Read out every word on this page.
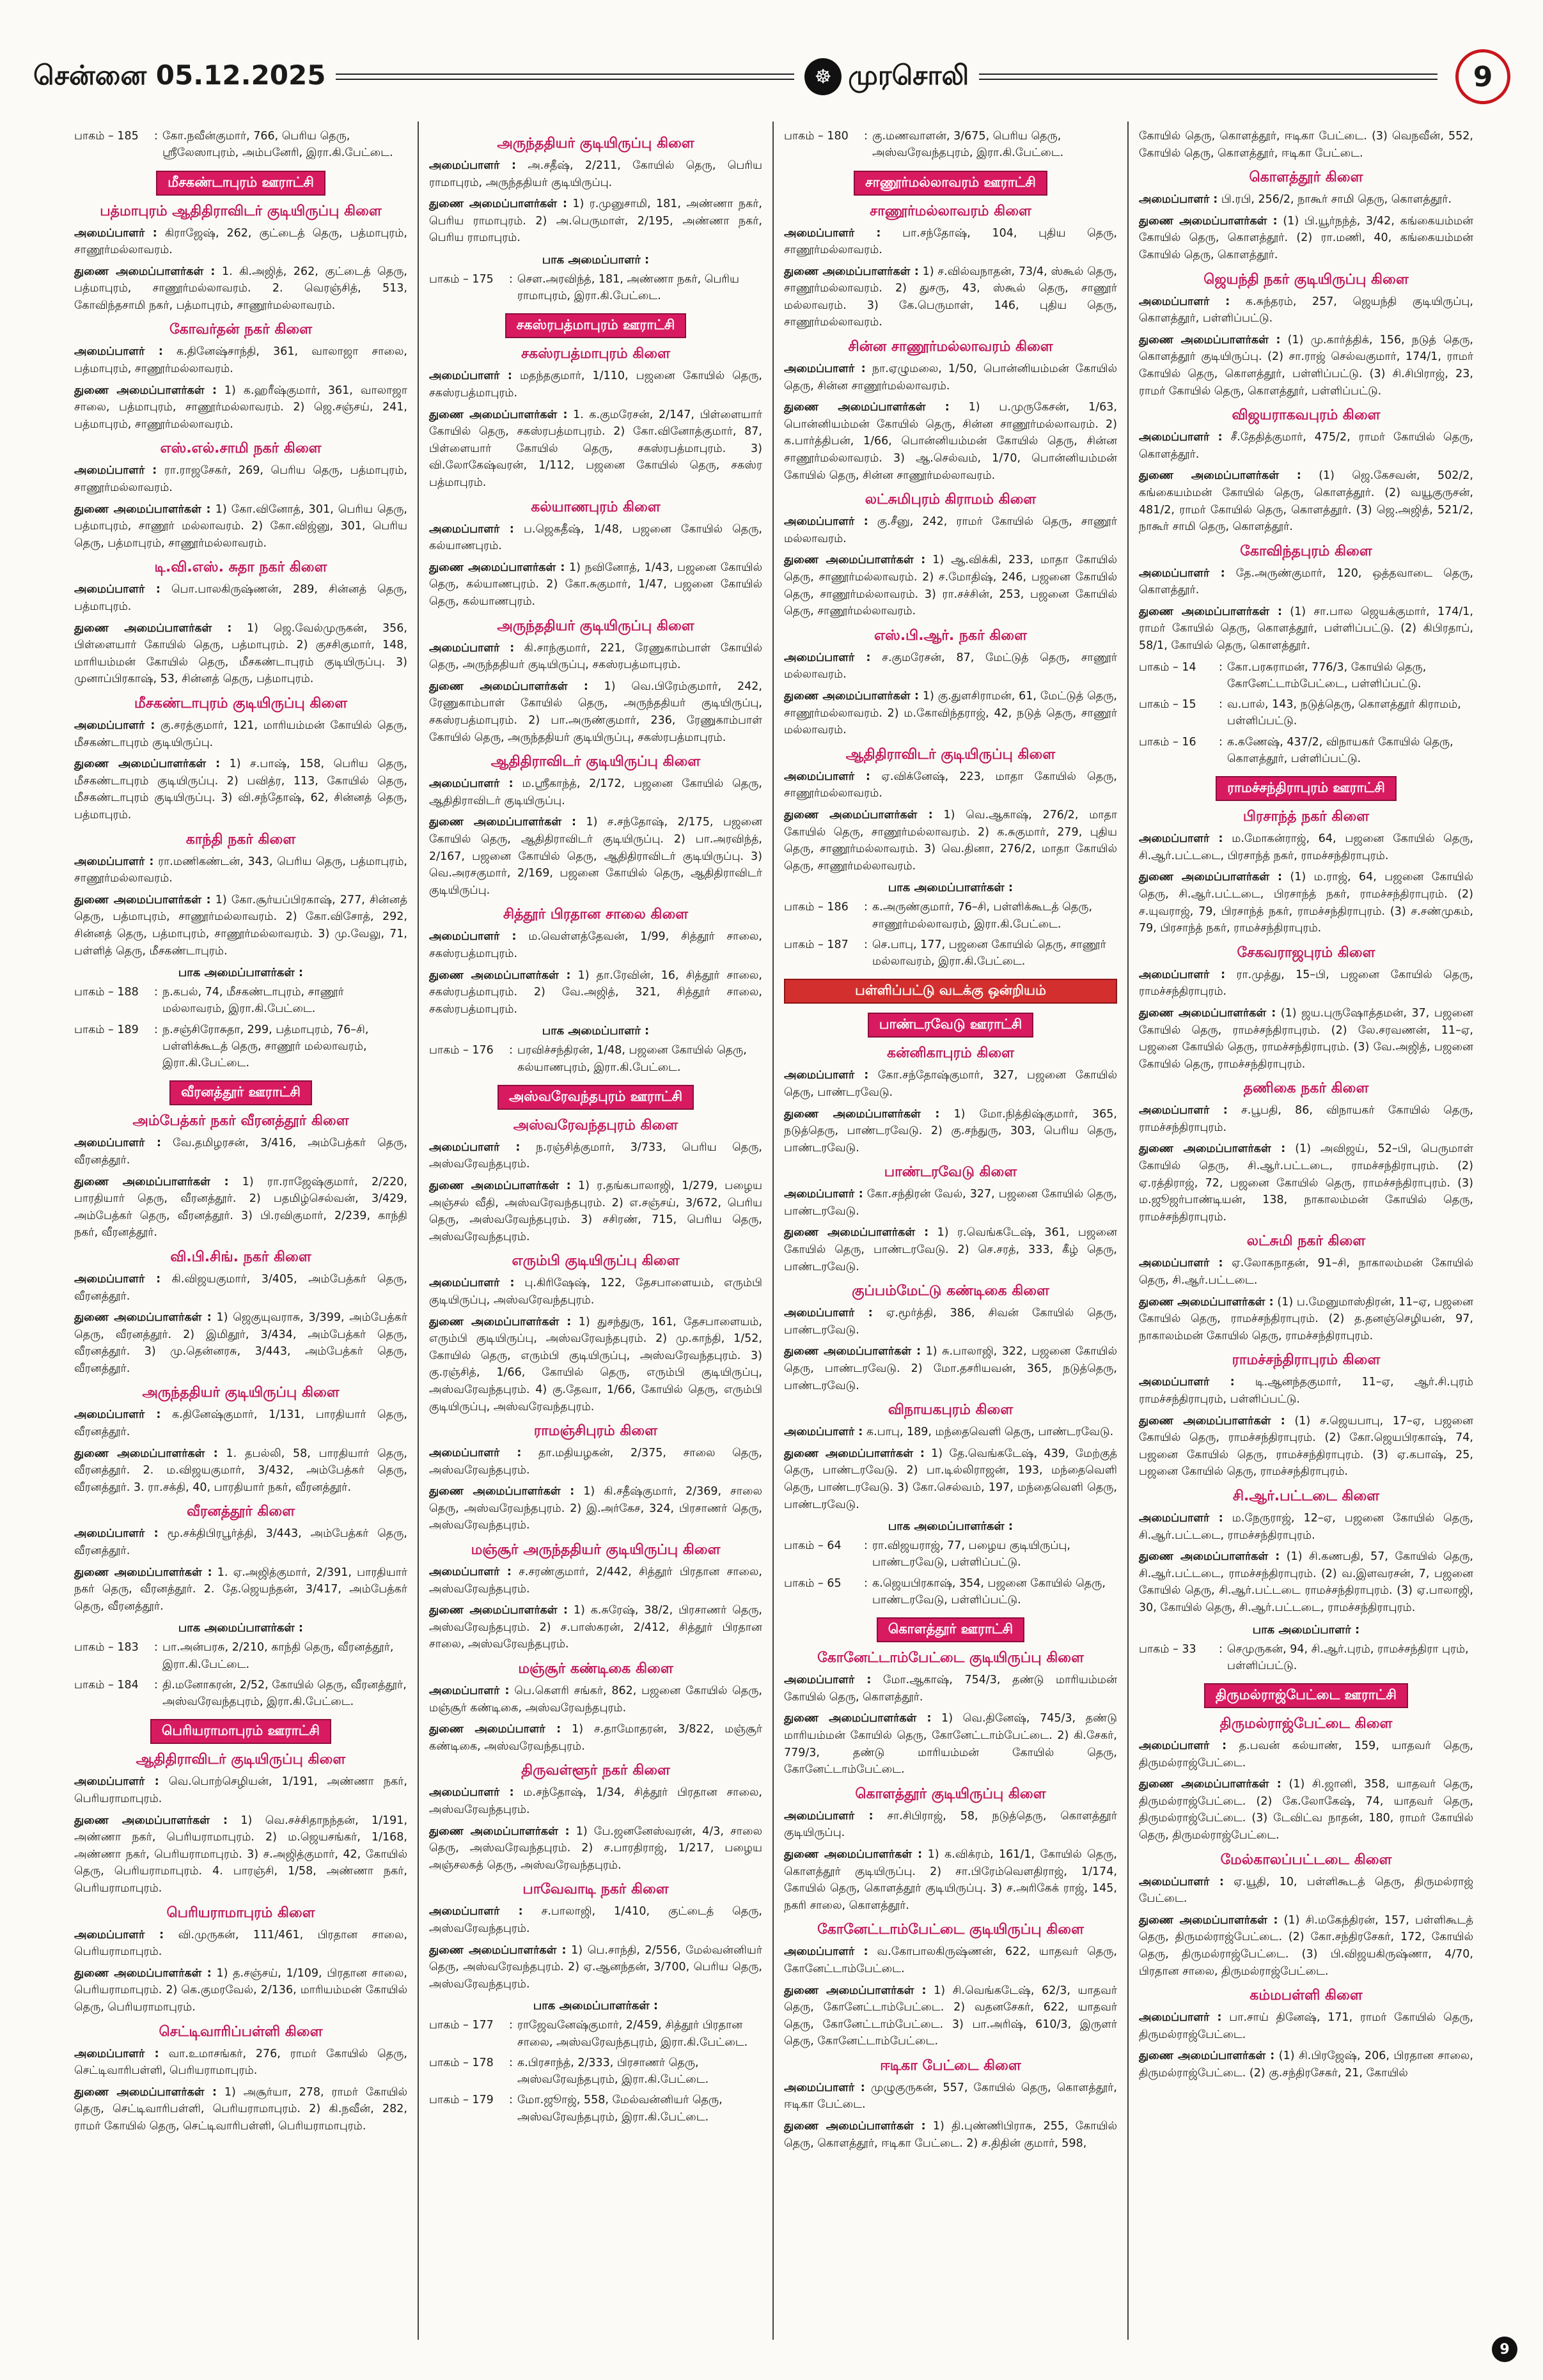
சென்னை 05.12.2025	☸ முரசொலி	9
பாகம் – 185	: கோ.நவீன்குமார், 766, பெரிய தெரு, ஸ்ரீலேஸாபுரம், அம்பனேரி, இரா.கி.பேட்டை.
மீசகண்டாபுரம் ஊராட்சி
பத்மாபுரம் ஆதிதிராவிடர் குடியிருப்பு கிளை

அமைப்பாளர் : கிராஜேஷ், 262, குட்டைத் தெரு, பத்மாபுரம், சாணூர்மல்லாவரம்.

துணை அமைப்பாளர்கள் : 1. கி.அஜித், 262, குட்டைத் தெரு, பத்மாபுரம், சாணூர்மல்லாவரம். 2. வெரஞ்சித், 513, கோவிந்தசாமி நகர், பத்மாபுரம், சாணூர்மல்லாவரம்.

கோவர்தன் நகர் கிளை

அமைப்பாளர் : க.தினேஷ்சாந்தி, 361, வாலாஜா சாலை, பத்மாபுரம், சாணூர்மல்லாவரம்.

துணை அமைப்பாளர்கள் : 1) க.ஹரீஷ்குமார், 361, வாலாஜா சாலை, பத்மாபுரம், சாணூர்மல்லாவரம். 2) ஜெ.சஞ்சய், 241, பத்மாபுரம், சாணூர்மல்லாவரம்.

எஸ்.எல்.சாமி நகர் கிளை

அமைப்பாளர் : ரா.ராஜசேகர், 269, பெரிய தெரு, பத்மாபுரம், சாணூர்மல்லாவரம்.

துணை அமைப்பாளர்கள் : 1) கோ.வினோத், 301, பெரிய தெரு, பத்மாபுரம், சாணூர் மல்லாவரம். 2) கோ.விஜ்னு, 301, பெரிய தெரு, பத்மாபுரம், சாணூர்மல்லாவரம்.

டி.வி.எஸ். சுதா நகர் கிளை

அமைப்பாளர் : பொ.பாலகிருஷ்ணன், 289, சின்னத் தெரு, பத்மாபுரம்.

துணை அமைப்பாளர்கள் : 1) ஜெ.வேல்முருகன், 356, பிள்ளையார் கோயில் தெரு, பத்மாபுரம். 2) குசசிகுமார், 148, மாரியம்மன் கோயில் தெரு, மீசகண்டாபுரம் குடியிருப்பு. 3) முனாப்பிரகாஷ், 53, சின்னத் தெரு, பத்மாபுரம்.

மீசகண்டாபுரம் குடியிருப்பு கிளை

அமைப்பாளர் : கு.சரத்குமார், 121, மாரியம்மன் கோயில் தெரு, மீசகண்டாபுரம் குடியிருப்பு.

துணை அமைப்பாளர்கள் : 1) ச.பாஷ், 158, பெரிய தெரு, மீசகண்டாபுரம் குடியிருப்பு. 2) பவித்ர, 113, கோயில் தெரு, மீசகண்டாபுரம் குடியிருப்பு. 3) வி.சந்தோஷ், 62, சின்னத் தெரு, பத்மாபுரம்.

காந்தி நகர் கிளை

அமைப்பாளர் : ரா.மணிகண்டன், 343, பெரிய தெரு, பத்மாபுரம், சாணூர்மல்லாவரம்.

துணை அமைப்பாளர்கள் : 1) கோ.சூர்யப்பிரகாஷ், 277, சின்னத் தெரு, பத்மாபுரம், சாணூர்மல்லாவரம். 2) கோ.விசோத், 292, சின்னத் தெரு, பத்மாபுரம், சாணூர்மல்லாவரம். 3) மு.வேலு, 71, பள்ளித் தெரு, மீசகண்டாபுரம்.

பாக அமைப்பாளர்கள் :
பாகம் – 188	: ந.கபல், 74, மீசகண்டாபுரம், சாணூர் மல்லாவரம், இரா.கி.பேட்டை.
பாகம் – 189	: ந.சஞ்சிரோசுதா, 299, பத்மாபுரம், 76–சி, பள்ளிக்கூடத் தெரு, சாணூர் மல்லாவரம், இரா.கி.பேட்டை.
வீரனத்தூர் ஊராட்சி
அம்பேத்கர் நகர் வீரனத்தூர் கிளை

அமைப்பாளர் : வே.தமிழரசன், 3/416, அம்பேத்கர் தெரு, வீரனத்தூர்.

துணை அமைப்பாளர்கள் : 1) ரா.ராஜேஷ்குமார், 2/220, பாரதியார் தெரு, வீரனத்தூர். 2) பதமிழ்செல்வன், 3/429, அம்பேத்கர் தெரு, வீரனத்தூர். 3) பி.ரவிகுமார், 2/239, காந்தி நகர், வீரனத்தூர்.

வி.பி.சிங். நகர் கிளை

அமைப்பாளர் : கி.விஜயகுமார், 3/405, அம்பேத்கர் தெரு, வீரனத்தூர்.

துணை அமைப்பாளர்கள் : 1) ஜெகுயுவராசு, 3/399, அம்பேத்கர் தெரு, வீரனத்தூர். 2) இமிதூர், 3/434, அம்பேத்கர் தெரு, வீரனத்தூர். 3) மு.தென்னரசு, 3/443, அம்பேத்கர் தெரு, வீரனத்தூர்.

அருந்ததியர் குடியிருப்பு கிளை

அமைப்பாளர் : க.தினேஷ்குமார், 1/131, பாரதியார் தெரு, வீரனத்தூர்.

துணை அமைப்பாளர்கள் : 1. தபல்லி, 58, பாரதியார் தெரு, வீரனத்தூர். 2. ம.விஜயகுமார், 3/432, அம்பேத்கர் தெரு, வீரனத்தூர். 3. ரா.சக்தி, 40, பாரதியார் நகர், வீரனத்தூர்.

வீரனத்தூர் கிளை

அமைப்பாளர் : மூ.சக்திபிரபூர்த்தி, 3/443, அம்பேத்கர் தெரு, வீரனத்தூர்.

துணை அமைப்பாளர்கள் : 1. ஏ.அஜித்குமார், 2/391, பாரதியார் நகர் தெரு, வீரனத்தூர். 2. தே.ஜெயந்தன், 3/417, அம்பேத்கர் தெரு, வீரனத்தூர்.

பாக அமைப்பாளர்கள் :
பாகம் – 183	: பா.அன்பரசு, 2/210, காந்தி தெரு, வீரனத்தூர், இரா.கி.பேட்டை.
பாகம் – 184	: தி.மனோகரன், 2/52, கோயில் தெரு, வீரனத்தூர், அஸ்வரேவந்தபுரம், இரா.கி.பேட்டை.
பெரியராமாபுரம் ஊராட்சி
ஆதிதிராவிடர் குடியிருப்பு கிளை

அமைப்பாளர் : வெ.பொற்செழியன், 1/191, அண்ணா நகர், பெரியராமாபுரம்.

துணை அமைப்பாளர்கள் : 1) வெ.சச்சிதாநந்தன், 1/191, அண்ணா நகர், பெரியராமாபுரம். 2) ம.ஜெயசங்கர், 1/168, அண்ணா நகர், பெரியராமாபுரம். 3) ச.அஜித்குமார், 42, கோயில் தெரு, பெரியராமாபுரம். 4. பாரஞ்சி, 1/58, அண்ணா நகர், பெரியராமாபுரம்.

பெரியராமாபுரம் கிளை

அமைப்பாளர் : வி.முருகன், 111/461, பிரதான சாலை, பெரியராமாபுரம்.

துணை அமைப்பாளர்கள் : 1) த.சஞ்சய், 1/109, பிரதான சாலை, பெரியராமாபுரம். 2) கெ.குமரவேல், 2/136, மாரியம்மன் கோயில் தெரு, பெரியராமாபுரம்.

செட்டிவாரிப்பள்ளி கிளை

அமைப்பாளர் : வா.உமாசங்கர், 276, ராமர் கோயில் தெரு, செட்டிவாரிபள்ளி, பெரியராமாபுரம்.

துணை அமைப்பாளர்கள் : 1) அசூர்யா, 278, ராமர் கோயில் தெரு, செட்டிவாரிபள்ளி, பெரியராமாபுரம். 2) கி.நவீன், 282, ராமர் கோயில் தெரு, செட்டிவாரிபள்ளி, பெரியராமாபுரம்.

அருந்ததியர் குடியிருப்பு கிளை

அமைப்பாளர் : அ.சதீஷ், 2/211, கோயில் தெரு, பெரிய ராமாபுரம், அருந்ததியர் குடியிருப்பு.

துணை அமைப்பாளர்கள் : 1) ர.முனுசாமி, 181, அண்ணா நகர், பெரிய ராமாபுரம். 2) அ.பெருமாள், 2/195, அண்ணா நகர், பெரிய ராமாபுரம்.

பாக அமைப்பாளர் :
பாகம் – 175	: செள.அரவிந்த், 181, அண்ணா நகர், பெரிய ராமாபுரம், இரா.கி.பேட்டை.
சகஸ்ரபத்மாபுரம் ஊராட்சி
சகஸ்ரபத்மாபுரம் கிளை

அமைப்பாளர் : மதந்தகுமார், 1/110, பஜனை கோயில் தெரு, சகஸ்ரபத்மாபுரம்.

துணை அமைப்பாளர்கள் : 1. க.குமரேசன், 2/147, பிள்ளையார் கோயில் தெரு, சகஸ்ரபத்மாபுரம். 2) கோ.வினோத்குமார், 87, பிள்ளையார் கோயில் தெரு, சகஸ்ரபத்மாபுரம். 3) வி.லோகேஷ்வரன், 1/112, பஜனை கோயில் தெரு, சகஸ்ர பத்மாபுரம்.

கல்யாணபுரம் கிளை

அமைப்பாளர் : ப.ஜெகதீஷ், 1/48, பஜனை கோயில் தெரு, கல்யாணபுரம்.

துணை அமைப்பாளர்கள் : 1) நவினோத், 1/43, பஜனை கோயில் தெரு, கல்யாணபுரம். 2) கோ.சுகுமார், 1/47, பஜனை கோயில் தெரு, கல்யாணபுரம்.

அருந்ததியர் குடியிருப்பு கிளை

அமைப்பாளர் : கி.சாந்குமார், 221, ரேணுகாம்பாள் கோயில் தெரு, அருந்ததியர் குடியிருப்பு, சகஸ்ரபத்மாபுரம்.

துணை அமைப்பாளர்கள் : 1) வெ.பிரேம்குமார், 242, ரேணுகாம்பாள் கோயில் தெரு, அருந்ததியர் குடியிருப்பு, சகஸ்ரபத்மாபுரம். 2) பா.அருண்குமார், 236, ரேணுகாம்பாள் கோயில் தெரு, அருந்ததியர் குடியிருப்பு, சகஸ்ரபத்மாபுரம்.

ஆதிதிராவிடர் குடியிருப்பு கிளை

அமைப்பாளர் : ம.ஸ்ரீகாந்த், 2/172, பஜனை கோயில் தெரு, ஆதிதிராவிடர் குடியிருப்பு.

துணை அமைப்பாளர்கள் : 1) ச.சந்தோஷ், 2/175, பஜனை கோயில் தெரு, ஆதிதிராவிடர் குடியிருப்பு. 2) பா.அரவிந்த், 2/167, பஜனை கோயில் தெரு, ஆதிதிராவிடர் குடியிருப்பு. 3) வெ.அரசகுமார், 2/169, பஜனை கோயில் தெரு, ஆதிதிராவிடர் குடியிருப்பு.

சித்தூர் பிரதான சாலை கிளை

அமைப்பாளர் : ம.வெள்ளத்தேவன், 1/99, சித்தூர் சாலை, சகஸ்ரபத்மாபுரம்.

துணை அமைப்பாளர்கள் : 1) தா.ரேவின், 16, சித்தூர் சாலை, சகஸ்ரபத்மாபுரம். 2) வே.அஜித், 321, சித்தூர் சாலை, சகஸ்ரபத்மாபுரம்.

பாக அமைப்பாளர் :
பாகம் – 176	: பரவிச்சந்திரன், 1/48, பஜனை கோயில் தெரு, கல்யாணபுரம், இரா.கி.பேட்டை.
அஸ்வரேவந்தபுரம் ஊராட்சி
அஸ்வரேவந்தபுரம் கிளை

அமைப்பாளர் : ந.ரஞ்சித்குமார், 3/733, பெரிய தெரு, அஸ்வரேவந்தபுரம்.

துணை அமைப்பாளர்கள் : 1) ர.தங்கபாலாஜி, 1/279, பழைய அஞ்சல் வீதி, அஸ்வரேவந்தபுரம். 2) எ.சஞ்சய், 3/672, பெரிய தெரு, அஸ்வரேவந்தபுரம். 3) சசிரண், 715, பெரிய தெரு, அஸ்வரேவந்தபுரம்.

எரும்பி குடியிருப்பு கிளை

அமைப்பாளர் : பு.கிரிஷேஷ், 122, தேசபாளையம், எரும்பி குடியிருப்பு, அஸ்வரேவந்தபுரம்.

துணை அமைப்பாளர்கள் : 1) துசந்துரு, 161, தேசபாளையம், எரும்பி குடியிருப்பு, அஸ்வரேவந்தபுரம். 2) மு.காந்தி, 1/52, கோயில் தெரு, எரும்பி குடியிருப்பு, அஸ்வரேவந்தபுரம். 3) கு.ரஞ்சித், 1/66, கோயில் தெரு, எரும்பி குடியிருப்பு, அஸ்வரேவந்தபுரம். 4) கு.தேவா, 1/66, கோயில் தெரு, எரும்பி குடியிருப்பு, அஸ்வரேவந்தபுரம்.

ராமஞ்சிபுரம் கிளை

அமைப்பாளர் : தா.மதியழகன், 2/375, சாலை தெரு, அஸ்வரேவந்தபுரம்.

துணை அமைப்பாளர்கள் : 1) கி.சதீஷ்குமார், 2/369, சாலை தெரு, அஸ்வரேவந்தபுரம். 2) இ.அர்கேச, 324, பிரசாணர் தெரு, அஸ்வரேவந்தபுரம்.

மஞ்சூர் அருந்ததியர் குடியிருப்பு கிளை

அமைப்பாளர் : ச.சரண்குமார், 2/442, சித்தூர் பிரதான சாலை, அஸ்வரேவந்தபுரம்.

துணை அமைப்பாளர்கள் : 1) க.சுரேஷ், 38/2, பிரசாணர் தெரு, அஸ்வரேவந்தபுரம். 2) ச.பாஸ்கரன், 2/412, சித்தூர் பிரதான சாலை, அஸ்வரேவந்தபுரம்.

மஞ்சூர் கண்டிகை கிளை

அமைப்பாளர் : பெ.கௌரி சங்கர், 862, பஜனை கோயில் தெரு, மஞ்சூர் கண்டிகை, அஸ்வரேவந்தபுரம்.

துணை அமைப்பாளர் : 1) ச.தாமோதரன், 3/822, மஞ்சூர் கண்டிகை, அஸ்வரேவந்தபுரம்.

திருவள்ளூர் நகர் கிளை

அமைப்பாளர் : ம.சந்தோஷ், 1/34, சித்தூர் பிரதான சாலை, அஸ்வரேவந்தபுரம்.

துணை அமைப்பாளர்கள் : 1) பே.ஜனனேஸ்வரன், 4/3, சாலை தெரு, அஸ்வரேவந்தபுரம். 2) ச.பாரதிராஜ், 1/217, பழைய அஞ்சலகத் தெரு, அஸ்வரேவந்தபுரம்.

பாவேவாடி நகர் கிளை

அமைப்பாளர் : ச.பாலாஜி, 1/410, குட்டைத் தெரு, அஸ்வரேவந்தபுரம்.

துணை அமைப்பாளர்கள் : 1) பெ.சாந்தி, 2/556, மேல்வன்னியர் தெரு, அஸ்வரேவந்தபுரம். 2) ஏ.ஆனந்தன், 3/700, பெரிய தெரு, அஸ்வரேவந்தபுரம்.

பாக அமைப்பாளர்கள் :
பாகம் – 177	: ராஜேவனேஷ்குமார், 2/459, சித்தூர் பிரதான சாலை, அஸ்வரேவந்தபுரம், இரா.கி.பேட்டை.
பாகம் – 178	: க.பிரசாந்த், 2/333, பிரசாணர் தெரு, அஸ்வரேவந்தபுரம், இரா.கி.பேட்டை.
பாகம் – 179	: மோ.ஜூாஜ், 558, மேல்வன்னியர் தெரு, அஸ்வரேவந்தபுரம், இரா.கி.பேட்டை.
பாகம் – 180	: கு.மணவாளன், 3/675, பெரிய தெரு, அஸ்வரேவந்தபுரம், இரா.கி.பேட்டை.
சாணூர்மல்லாவரம் ஊராட்சி
சாணூர்மல்லாவரம் கிளை

அமைப்பாளர் : பா.சந்தோஷ், 104, புதிய தெரு, சாணூர்மல்லாவரம்.

துணை அமைப்பாளர்கள் : 1) ச.வில்வநாதன், 73/4, ஸ்கூல் தெரு, சாணூர்மல்லாவரம். 2) துசரு, 43, ஸ்கூல் தெரு, சாணூர் மல்லாவரம். 3) கே.பெருமாள், 146, புதிய தெரு, சாணூர்மல்லாவரம்.

சின்ன சாணூர்மல்லாவரம் கிளை

அமைப்பாளர் : நா.ஏழுமலை, 1/50, பொன்னியம்மன் கோயில் தெரு, சின்ன சாணூர்மல்லாவரம்.

துணை அமைப்பாளர்கள் : 1) ப.முருகேசன், 1/63, பொன்னியம்மன் கோயில் தெரு, சின்ன சாணூர்மல்லாவரம். 2) க.பார்த்திபன், 1/66, பொன்னியம்மன் கோயில் தெரு, சின்ன சாணூர்மல்லாவரம். 3) ஆ.செல்வம், 1/70, பொன்னியம்மன் கோயில் தெரு, சின்ன சாணூர்மல்லாவரம்.

லட்சுமிபுரம் கிராமம் கிளை

அமைப்பாளர் : கு.சீனு, 242, ராமர் கோயில் தெரு, சாணூர் மல்லாவரம்.

துணை அமைப்பாளர்கள் : 1) ஆ.விக்கி, 233, மாதா கோயில் தெரு, சாணூர்மல்லாவரம். 2) ச.மோதிஷ், 246, பஜனை கோயில் தெரு, சாணூர்மல்லாவரம். 3) ரா.சச்சின், 253, பஜனை கோயில் தெரு, சாணூர்மல்லாவரம்.

எஸ்.பி.ஆர். நகர் கிளை

அமைப்பாளர் : ச.குமரேசன், 87, மேட்டுத் தெரு, சாணூர் மல்லாவரம்.

துணை அமைப்பாளர்கள் : 1) கு.துளசிராமன், 61, மேட்டுத் தெரு, சாணூர்மல்லாவரம். 2) ம.கோவிந்தராஜ், 42, நடுத் தெரு, சாணூர் மல்லாவரம்.

ஆதிதிராவிடர் குடியிருப்பு கிளை

அமைப்பாளர் : ஏ.விக்னேஷ், 223, மாதா கோயில் தெரு, சாணூர்மல்லாவரம்.

துணை அமைப்பாளர்கள் : 1) வெ.ஆகாஷ், 276/2, மாதா கோயில் தெரு, சாணூர்மல்லாவரம். 2) க.சுகுமார், 279, புதிய தெரு, சாணூர்மல்லாவரம். 3) வெ.தினா, 276/2, மாதா கோயில் தெரு, சாணூர்மல்லாவரம்.

பாக அமைப்பாளர்கள் :
பாகம் – 186	: க.அருண்குமார், 76–சி, பள்ளிக்கூடத் தெரு, சாணூர்மல்லாவரம், இரா.கி.பேட்டை.
பாகம் – 187	: செ.பாபு, 177, பஜனை கோயில் தெரு, சாணூர் மல்லாவரம், இரா.கி.பேட்டை.
பள்ளிப்பட்டு வடக்கு ஒன்றியம்
பாண்டரவேடு ஊராட்சி
கன்னிகாபுரம் கிளை

அமைப்பாளர் : கோ.சந்தோஷ்குமார், 327, பஜனை கோயில் தெரு, பாண்டரவேடு.

துணை அமைப்பாளர்கள் : 1) மோ.நித்திஷ்குமார், 365, நடுத்தெரு, பாண்டரவேடு. 2) கு.சந்துரு, 303, பெரிய தெரு, பாண்டரவேடு.

பாண்டரவேடு கிளை

அமைப்பாளர் : கோ.சந்திரன் வேல், 327, பஜனை கோயில் தெரு, பாண்டரவேடு.

துணை அமைப்பாளர்கள் : 1) ர.வெங்கடேஷ், 361, பஜனை கோயில் தெரு, பாண்டரவேடு. 2) செ.சரத், 333, கீழ் தெரு, பாண்டரவேடு.

குப்பம்மேட்டு கண்டிகை கிளை

அமைப்பாளர் : ஏ.மூர்த்தி, 386, சிவன் கோயில் தெரு, பாண்டரவேடு.

துணை அமைப்பாளர்கள் : 1) சு.பாலாஜி, 322, பஜனை கோயில் தெரு, பாண்டரவேடு. 2) மோ.தசரியவன், 365, நடுத்தெரு, பாண்டரவேடு.

விநாயகபுரம் கிளை

அமைப்பாளர் : க.பாபு, 189, மந்தைவெளி தெரு, பாண்டரவேடு.

துணை அமைப்பாளர்கள் : 1) தே.வெங்கடேஷ், 439, மேற்குத் தெரு, பாண்டரவேடு. 2) பா.டில்லிராஜன், 193, மந்தைவெளி தெரு, பாண்டரவேடு. 3) கோ.செல்வம், 197, மந்தைவெளி தெரு, பாண்டரவேடு.

பாக அமைப்பாளர்கள் :
பாகம் – 64	: ரா.விஜயராஜ், 77, பழைய குடியிருப்பு, பாண்டரவேடு, பள்ளிப்பட்டு.
பாகம் – 65	: க.ஜெயபிரகாஷ், 354, பஜனை கோயில் தெரு, பாண்டரவேடு, பள்ளிப்பட்டு.
கொளத்தூர் ஊராட்சி
கோனேட்டாம்பேட்டை குடியிருப்பு கிளை

அமைப்பாளர் : மோ.ஆகாஷ், 754/3, தண்டு மாரியம்மன் கோயில் தெரு, கொளத்தூர்.

துணை அமைப்பாளர்கள் : 1) வெ.தினேஷ், 745/3, தண்டு மாரியம்மன் கோயில் தெரு, கோனேட்டாம்பேட்டை. 2) கி.சேகர், 779/3, தண்டு மாரியம்மன் கோயில் தெரு, கோனேட்டாம்பேட்டை.

கொளத்தூர் குடியிருப்பு கிளை

அமைப்பாளர் : சா.சிபிராஜ், 58, நடுத்தெரு, கொளத்தூர் குடியிருப்பு.

துணை அமைப்பாளர்கள் : 1) க.விக்ரம், 161/1, கோயில் தெரு, கொளத்தூர் குடியிருப்பு. 2) சா.பிரேம்வெளதிராஜ், 1/174, கோயில் தெரு, கொளத்தூர் குடியிருப்பு. 3) ச.அரிகேக் ராஜ், 145, நகரி சாலை, கொளத்தூர்.

கோனேட்டாம்பேட்டை குடியிருப்பு கிளை

அமைப்பாளர் : வ.கோபாலகிருஷ்ணன், 622, யாதவர் தெரு, கோனேட்டாம்பேட்டை.

துணை அமைப்பாளர்கள் : 1) சி.வெங்கடேஷ், 62/3, யாதவர் தெரு, கோனேட்டாம்பேட்டை. 2) வதனசேகர், 622, யாதவர் தெரு, கோனேட்டாம்பேட்டை. 3) பா.அரிஷ், 610/3, இருளர் தெரு, கோனேட்டாம்பேட்டை.

ஈடிகா பேட்டை கிளை

அமைப்பாளர் : முழுகுருகன், 557, கோயில் தெரு, கொளத்தூர், ஈடிகா பேட்டை.

துணை அமைப்பாளர்கள் : 1) தி.புண்ணிபிராசு, 255, கோயில் தெரு, கொளத்தூர், ஈடிகா பேட்டை. 2) ச.திதின் குமார், 598,

கோயில் தெரு, கொளத்தூர், ஈடிகா பேட்டை. (3) வெநவீன், 552, கோயில் தெரு, கொளத்தூர், ஈடிகா பேட்டை.

கொளத்தூர் கிளை

அமைப்பாளர் : பி.ரபி, 256/2, நாகூர் சாமி தெரு, கொளத்தூர்.

துணை அமைப்பாளர்கள் : (1) பி.யூர்நந்த், 3/42, கங்கையம்மன் கோயில் தெரு, கொளத்தூர். (2) ரா.மணி, 40, கங்கையம்மன் கோயில் தெரு, கொளத்தூர்.

ஜெயந்தி நகர் குடியிருப்பு கிளை

அமைப்பாளர் : க.சுந்தரம், 257, ஜெயந்தி குடியிருப்பு, கொளத்தூர், பள்ளிப்பட்டு.

துணை அமைப்பாளர்கள் : (1) மு.கார்த்திக், 156, நடுத் தெரு, கொளத்தூர் குடியிருப்பு. (2) சா.ராஜ் செல்வகுமார், 174/1, ராமர் கோயில் தெரு, கொளத்தூர், பள்ளிப்பட்டு. (3) சி.சிபிராஜ், 23, ராமர் கோயில் தெரு, கொளத்தூர், பள்ளிப்பட்டு.

விஜயராகவபுரம் கிளை

அமைப்பாளர் : சீ.தேதித்குமார், 475/2, ராமர் கோயில் தெரு, கொளத்தூர்.

துணை அமைப்பாளர்கள் : (1) ஜெ.கேசவன், 502/2, கங்கையம்மன் கோயில் தெரு, கொளத்தூர். (2) வயூகுருசன், 481/2, ராமர் கோயில் தெரு, கொளத்தூர். (3) ஜெ.அஜித், 521/2, நாகூர் சாமி தெரு, கொளத்தூர்.

கோவிந்தபுரம் கிளை

அமைப்பாளர் : தே.அருண்குமார், 120, ஒத்தவாடை தெரு, கொளத்தூர்.

துணை அமைப்பாளர்கள் : (1) சா.பால ஜெயக்குமார், 174/1, ராமர் கோயில் தெரு, கொளத்தூர், பள்ளிப்பட்டு. (2) கிபிரதாப், 58/1, கோயில் தெரு, கொளத்தூர்.

பாகம் – 14	: கோ.பரசுராமன், 776/3, கோயில் தெரு, கோனேட்டாம்பேட்டை, பள்ளிப்பட்டு.
பாகம் – 15	: வ.பால், 143, நடுத்தெரு, கொளத்தூர் கிராமம், பள்ளிப்பட்டு.
பாகம் – 16	: க.கணேஷ், 437/2, விநாயகர் கோயில் தெரு, கொளத்தூர், பள்ளிப்பட்டு.
ராமச்சந்திராபுரம் ஊராட்சி
பிரசாந்த் நகர் கிளை

அமைப்பாளர் : ம.மோகன்ராஜ், 64, பஜனை கோயில் தெரு, சி.ஆர்.பட்டடை, பிரசாந்த் நகர், ராமச்சந்திராபுரம்.

துணை அமைப்பாளர்கள் : (1) ம.ராஜ், 64, பஜனை கோயில் தெரு, சி.ஆர்.பட்டடை, பிரசாந்த் நகர், ராமச்சந்திராபுரம். (2) ச.யுவராஜ், 79, பிரசாந்த் நகர், ராமச்சந்திராபுரம். (3) ச.சண்முகம், 79, பிரசாந்த் நகர், ராமச்சந்திராபுரம்.

சேகவராஜபுரம் கிளை

அமைப்பாளர் : ரா.முத்து, 15–பி, பஜனை கோயில் தெரு, ராமச்சந்திராபுரம்.

துணை அமைப்பாளர்கள் : (1) ஜய.புருஷோத்தமன், 37, பஜனை கோயில் தெரு, ராமச்சந்திராபுரம். (2) லே.சரவணன், 11–ஏ, பஜனை கோயில் தெரு, ராமச்சந்திராபுரம். (3) வே.அஜித், பஜனை கோயில் தெரு, ராமச்சந்திராபுரம்.

தணிகை நகர் கிளை

அமைப்பாளர் : ச.பூபதி, 86, விநாயகர் கோயில் தெரு, ராமச்சந்திராபுரம்.

துணை அமைப்பாளர்கள் : (1) அவிஜய், 52–பி, பெருமாள் கோயில் தெரு, சி.ஆர்.பட்டடை, ராமச்சந்திராபுரம். (2) ஏ.ரத்திராஜ், 72, பஜனை கோயில் தெரு, ராமச்சந்திராபுரம். (3) ம.ஜூஜர்பாண்டியன், 138, நாகாலம்மன் கோயில் தெரு, ராமச்சந்திராபுரம்.

லட்சுமி நகர் கிளை

அமைப்பாளர் : ஏ.லோகநாதன், 91–சி, நாகாலம்மன் கோயில் தெரு, சி.ஆர்.பட்டடை.

துணை அமைப்பாளர்கள் : (1) ப.மேனுமாஸ்திரன், 11–ஏ, பஜனை கோயில் தெரு, ராமச்சந்திராபுரம். (2) த.தனஞ்செழியன், 97, நாகாலம்மன் கோயில் தெரு, ராமச்சந்திராபுரம்.

ராமச்சந்திராபுரம் கிளை

அமைப்பாளர் : டி.ஆனந்தகுமார், 11–ஏ, ஆர்.சி.புரம் ராமச்சந்திராபுரம், பள்ளிப்பட்டு.

துணை அமைப்பாளர்கள் : (1) ச.ஜெயபாபு, 17–ஏ, பஜனை கோயில் தெரு, ராமச்சந்திராபுரம். (2) கோ.ஜெயபிரகாஷ், 74, பஜனை கோயில் தெரு, ராமச்சந்திராபுரம். (3) ஏ.கபாஷ், 25, பஜனை கோயில் தெரு, ராமச்சந்திராபுரம்.

சி.ஆர்.பட்டடை கிளை

அமைப்பாளர் : ம.நேருராஜ், 12–ஏ, பஜனை கோயில் தெரு, சி.ஆர்.பட்டடை, ராமச்சந்திராபுரம்.

துணை அமைப்பாளர்கள் : (1) சி.கணபதி, 57, கோயில் தெரு, சி.ஆர்.பட்டடை, ராமச்சந்திராபுரம். (2) வ.இளவரசன், 7, பஜனை கோயில் தெரு, சி.ஆர்.பட்டடை ராமச்சந்திராபுரம். (3) ஏ.பாலாஜி, 30, கோயில் தெரு, சி.ஆர்.பட்டடை, ராமச்சந்திராபுரம்.

பாக அமைப்பாளர் :
பாகம் – 33	: செமுருகன், 94, சி.ஆர்.புரம், ராமச்சந்திரா புரம், பள்ளிப்பட்டு.
திருமல்ராஜ்பேட்டை ஊராட்சி
திருமல்ராஜ்பேட்டை கிளை

அமைப்பாளர் : த.பவன் கல்யாண், 159, யாதவர் தெரு, திருமல்ராஜ்பேட்டை.

துணை அமைப்பாளர்கள் : (1) சி.ஜானி, 358, யாதவர் தெரு, திருமல்ராஜ்பேட்டை. (2) கே.லோகேஷ், 74, யாதவர் தெரு, திருமல்ராஜ்பேட்டை. (3) டேவிட்வ நாதன், 180, ராமர் கோயில் தெரு, திருமல்ராஜ்பேட்டை.

மேல்காலப்பட்டடை கிளை

அமைப்பாளர் : ஏ.யூதி, 10, பள்ளிகூடத் தெரு, திருமல்ராஜ் பேட்டை.

துணை அமைப்பாளர்கள் : (1) சி.மகேந்திரன், 157, பள்ளிகூடத் தெரு, திருமல்ராஜ்பேட்டை. (2) கோ.சந்திரசேகர், 172, கோயில் தெரு, திருமல்ராஜ்பேட்டை. (3) பி.விஜயகிருஷ்ணா, 4/70, பிரதான சாலை, திருமல்ராஜ்பேட்டை.

கம்மபள்ளி கிளை

அமைப்பாளர் : பா.சாய் தினேஷ், 171, ராமர் கோயில் தெரு, திருமல்ராஜ்பேட்டை.

துணை அமைப்பாளர்கள் : (1) சி.பிரஜேஷ், 206, பிரதான சாலை, திருமல்ராஜ்பேட்டை. (2) கு.சந்திரசேகர், 21, கோயில்

9
